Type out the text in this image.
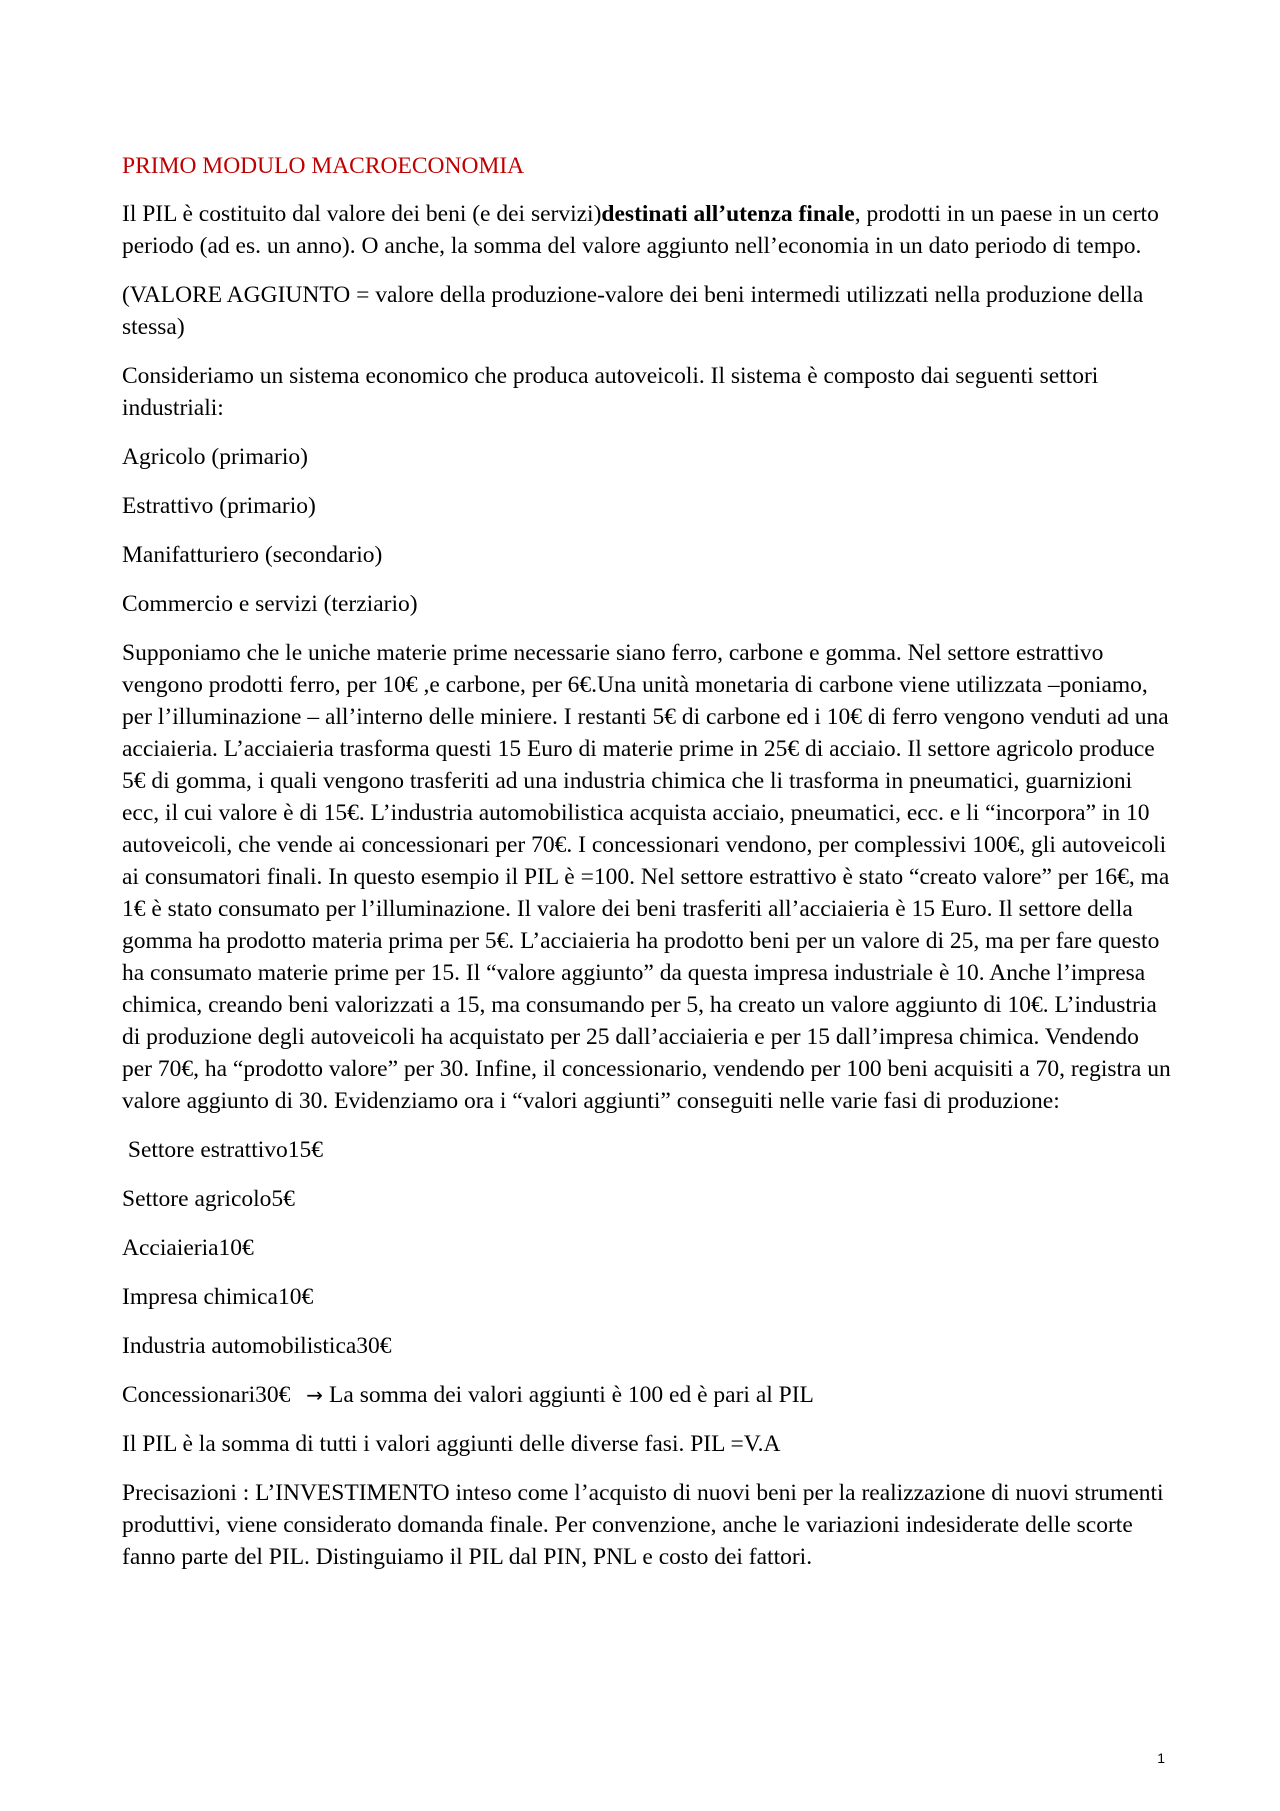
PRIMO MODULO MACROECONOMIA

Il PIL è costituito dal valore dei beni (e dei servizi)destinati all’utenza finale, prodotti in un paese in un certo periodo (ad es. un anno). O anche, la somma del valore aggiunto nell’economia in un dato periodo di tempo.

(VALORE AGGIUNTO = valore della produzione-valore dei beni intermedi utilizzati nella produzione della stessa)

Consideriamo un sistema economico che produca autoveicoli. Il sistema è composto dai seguenti settori industriali:

Agricolo (primario)

Estrattivo (primario)

Manifatturiero (secondario)

Commercio e servizi (terziario)

Supponiamo che le uniche materie prime necessarie siano ferro, carbone e gomma. Nel settore estrattivo vengono prodotti ferro, per 10€ ,e carbone, per 6€.Una unità monetaria di carbone viene utilizzata –poniamo, per l’illuminazione – all’interno delle miniere. I restanti 5€ di carbone ed i 10€ di ferro vengono venduti ad una acciaieria. L’acciaieria trasforma questi 15 Euro di materie prime in 25€ di acciaio. Il settore agricolo produce 5€ di gomma, i quali vengono trasferiti ad una industria chimica che li trasforma in pneumatici, guarnizioni ecc, il cui valore è di 15€. L’industria automobilistica acquista acciaio, pneumatici, ecc. e li “incorpora” in 10 autoveicoli, che vende ai concessionari per 70€. I concessionari vendono, per complessivi 100€, gli autoveicoli ai consumatori finali. In questo esempio il PIL è =100. Nel settore estrattivo è stato “creato valore” per 16€, ma 1€ è stato consumato per l’illuminazione. Il valore dei beni trasferiti all’acciaieria è 15 Euro. Il settore della gomma ha prodotto materia prima per 5€. L’acciaieria ha prodotto beni per un valore di 25, ma per fare questo ha consumato materie prime per 15. Il “valore aggiunto” da questa impresa industriale è 10. Anche l’impresa chimica, creando beni valorizzati a 15, ma consumando per 5, ha creato un valore aggiunto di 10€. L’industria di produzione degli autoveicoli ha acquistato per 25 dall’acciaieria e per 15 dall’impresa chimica. Vendendo per 70€, ha “prodotto valore” per 30. Infine, il concessionario, vendendo per 100 beni acquisiti a 70, registra un valore aggiunto di 30. Evidenziamo ora i “valori aggiunti” conseguiti nelle varie fasi di produzione:

Settore estrattivo15€

Settore agricolo5€

Acciaieria10€

Impresa chimica10€

Industria automobilistica30€

Concessionari30€ → La somma dei valori aggiunti è 100 ed è pari al PIL

Il PIL è la somma di tutti i valori aggiunti delle diverse fasi. PIL =V.A

Precisazioni : L’INVESTIMENTO inteso come l’acquisto di nuovi beni per la realizzazione di nuovi strumenti produttivi, viene considerato domanda finale. Per convenzione, anche le variazioni indesiderate delle scorte fanno parte del PIL. Distinguiamo il PIL dal PIN, PNL e costo dei fattori.

1
